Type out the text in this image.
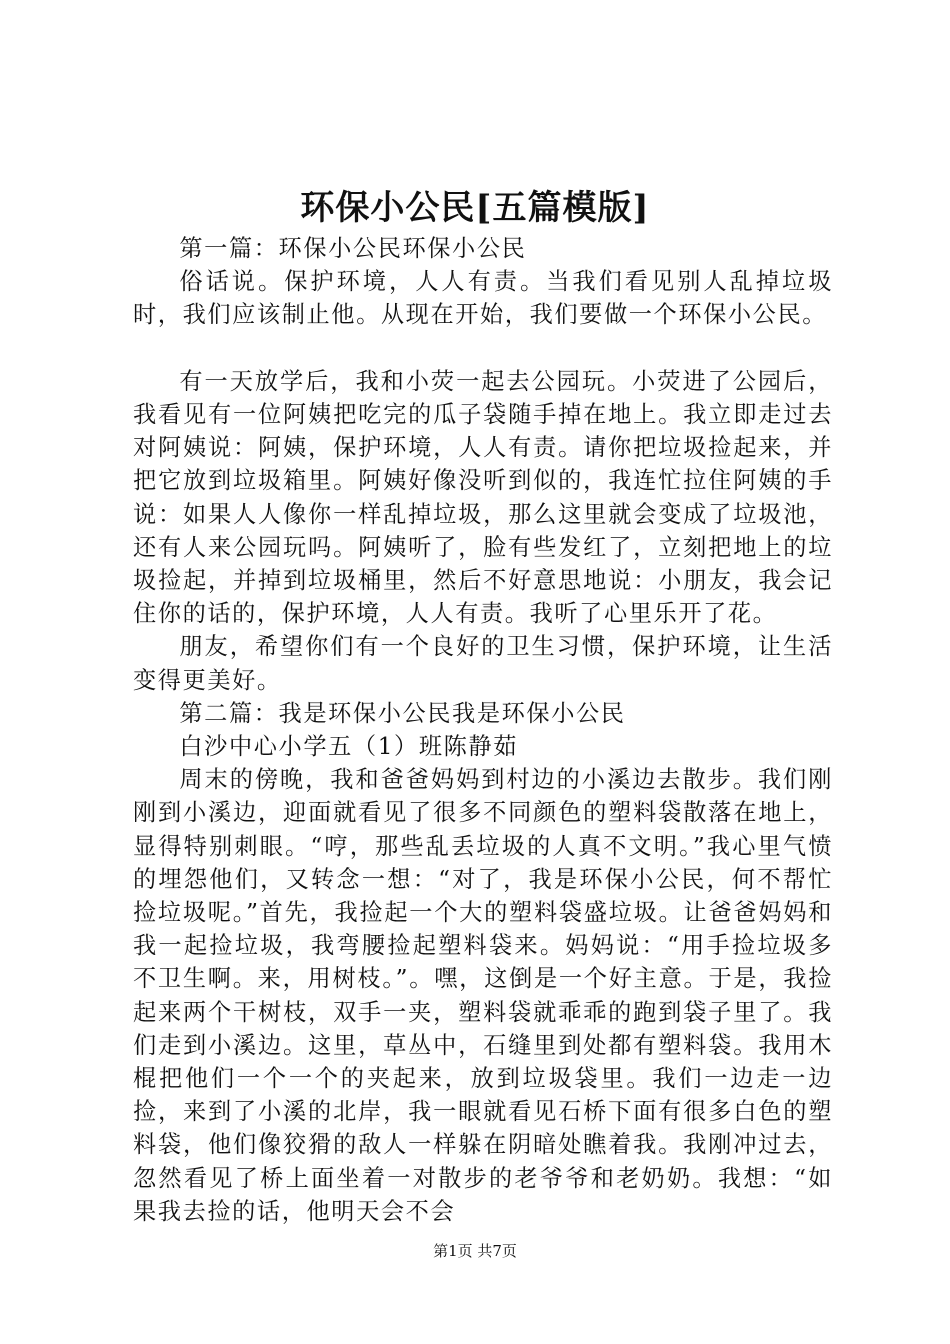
环保小公民[五篇模版]

第一篇：环保小公民环保小公民

俗话说。保护环境，人人有责。当我们看见别人乱掉垃圾时，我们应该制止他。从现在开始，我们要做一个环保小公民。

有一天放学后，我和小荧一起去公园玩。小荧进了公园后，我看见有一位阿姨把吃完的瓜子袋随手掉在地上。我立即走过去对阿姨说：阿姨，保护环境，人人有责。请你把垃圾捡起来，并把它放到垃圾箱里。阿姨好像没听到似的，我连忙拉住阿姨的手说：如果人人像你一样乱掉垃圾，那么这里就会变成了垃圾池，还有人来公园玩吗。阿姨听了，脸有些发红了，立刻把地上的垃圾捡起，并掉到垃圾桶里，然后不好意思地说：小朋友，我会记住你的话的，保护环境，人人有责。我听了心里乐开了花。

朋友，希望你们有一个良好的卫生习惯，保护环境，让生活变得更美好。

第二篇：我是环保小公民我是环保小公民

白沙中心小学五（1）班陈静茹

周末的傍晚，我和爸爸妈妈到村边的小溪边去散步。我们刚刚到小溪边，迎面就看见了很多不同颜色的塑料袋散落在地上，显得特别刺眼。“哼，那些乱丢垃圾的人真不文明。”我心里气愤的埋怨他们，又转念一想：“对了，我是环保小公民，何不帮忙捡垃圾呢。”首先，我捡起一个大的塑料袋盛垃圾。让爸爸妈妈和我一起捡垃圾，我弯腰捡起塑料袋来。妈妈说：“用手捡垃圾多不卫生啊。来，用树枝。”。嘿，这倒是一个好主意。于是，我捡起来两个干树枝，双手一夹，塑料袋就乖乖的跑到袋子里了。我们走到小溪边。这里，草丛中，石缝里到处都有塑料袋。我用木棍把他们一个一个的夹起来，放到垃圾袋里。我们一边走一边捡，来到了小溪的北岸，我一眼就看见石桥下面有很多白色的塑料袋，他们像狡猾的敌人一样躲在阴暗处瞧着我。我刚冲过去，忽然看见了桥上面坐着一对散步的老爷爷和老奶奶。我想：“如果我去捡的话，他明天会不会

第1页 共7页
